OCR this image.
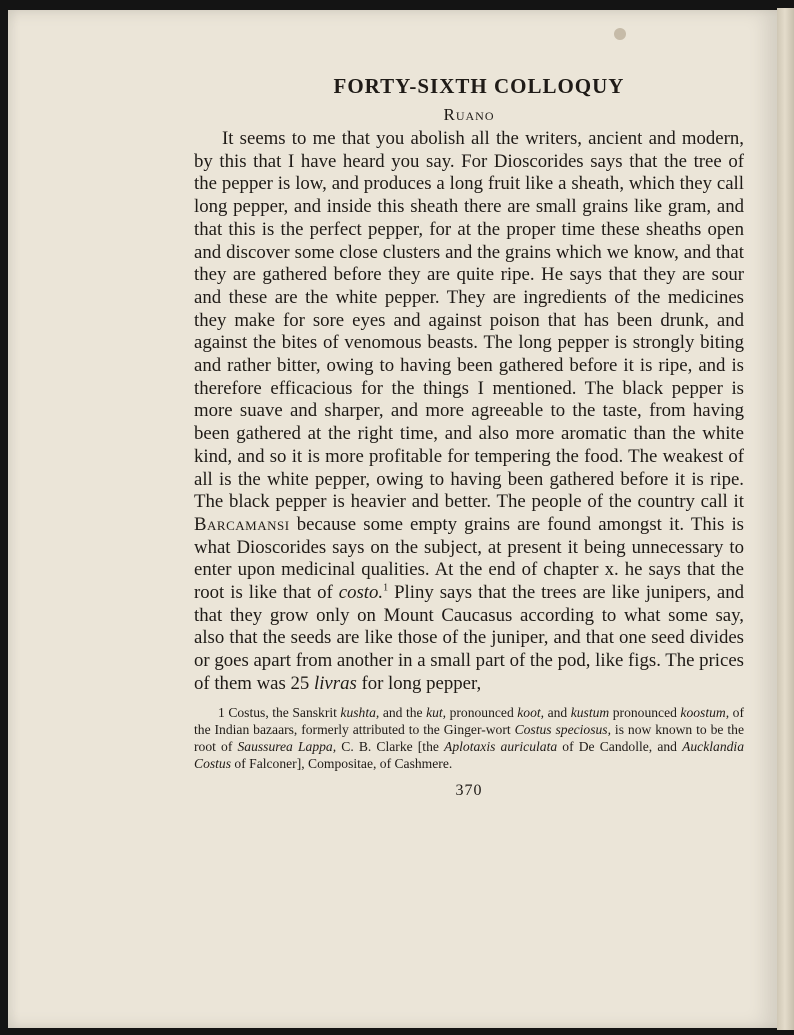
FORTY-SIXTH COLLOQUY

Ruano

It seems to me that you abolish all the writers, ancient and modern, by this that I have heard you say. For Dioscorides says that the tree of the pepper is low, and produces a long fruit like a sheath, which they call long pepper, and inside this sheath there are small grains like gram, and that this is the perfect pepper, for at the proper time these sheaths open and discover some close clusters and the grains which we know, and that they are gathered before they are quite ripe. He says that they are sour and these are the white pepper. They are ingredients of the medicines they make for sore eyes and against poison that has been drunk, and against the bites of venomous beasts. The long pepper is strongly biting and rather bitter, owing to having been gathered before it is ripe, and is therefore efficacious for the things I mentioned. The black pepper is more suave and sharper, and more agreeable to the taste, from having been gathered at the right time, and also more aromatic than the white kind, and so it is more profitable for tempering the food. The weakest of all is the white pepper, owing to having been gathered before it is ripe. The black pepper is heavier and better. The people of the country call it Barcamansi because some empty grains are found amongst it. This is what Dioscorides says on the subject, at present it being unnecessary to enter upon medicinal qualities. At the end of chapter x. he says that the root is like that of costo.$^1$ Pliny says that the trees are like junipers, and that they grow only on Mount Caucasus according to what some say, also that the seeds are like those of the juniper, and that one seed divides or goes apart from another in a small part of the pod, like figs. The prices of them was 25 livras for long pepper,

1 Costus, the Sanskrit kushta, and the kut, pronounced koot, and kustum pronounced koostum, of the Indian bazaars, formerly attributed to the Ginger-wort Costus speciosus, is now known to be the root of Saussurea Lappa, C. B. Clarke [the Aplotaxis auriculata of De Candolle, and Aucklandia Costus of Falconer], Compositae, of Cashmere.

370
